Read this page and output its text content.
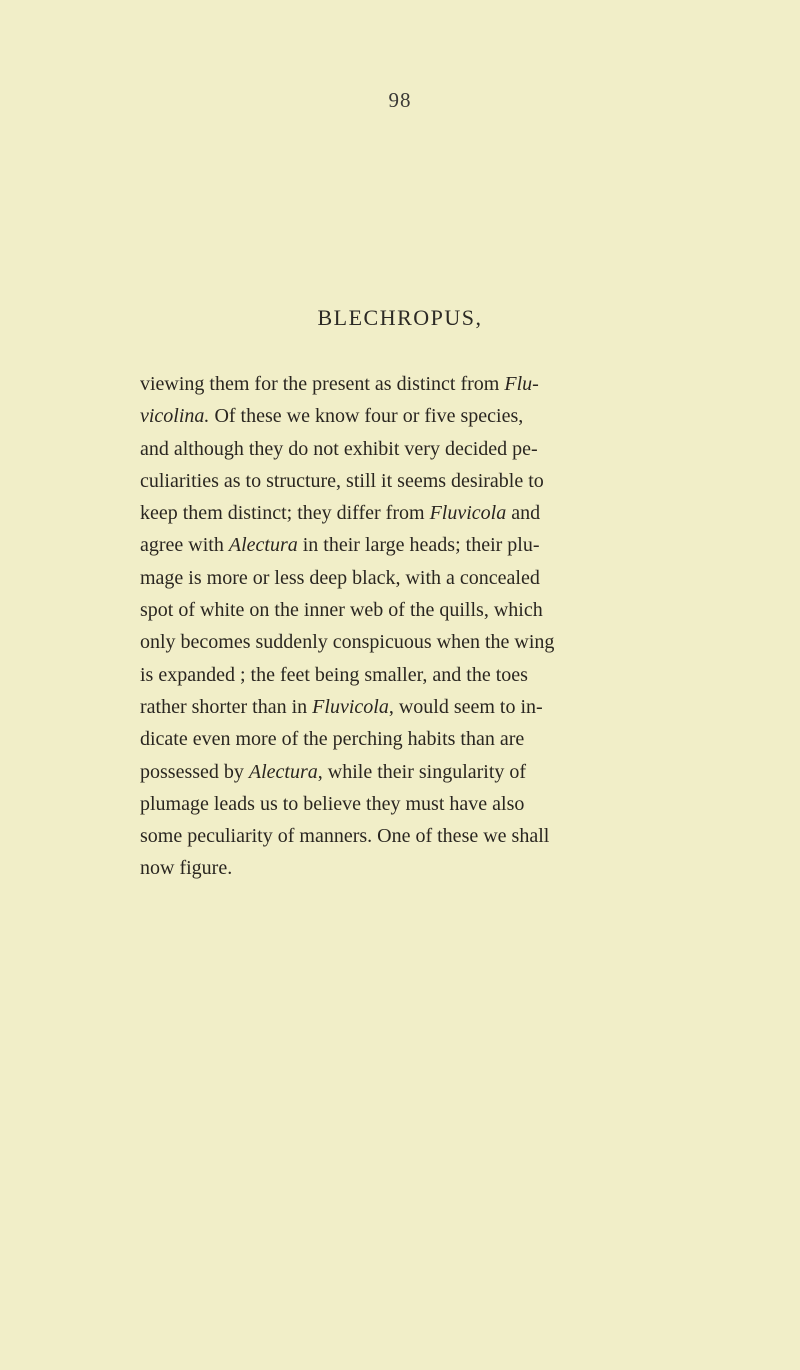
98
BLECHROPUS,
viewing them for the present as distinct from Flu-
vicolina. Of these we know four or five species,
and although they do not exhibit very decided pe-
culiarities as to structure, still it seems desirable to
keep them distinct; they differ from Fluvicola and
agree with Alectura in their large heads; their plu-
mage is more or less deep black, with a concealed
spot of white on the inner web of the quills, which
only becomes suddenly conspicuous when the wing
is expanded ; the feet being smaller, and the toes
rather shorter than in Fluvicola, would seem to in-
dicate even more of the perching habits than are
possessed by Alectura, while their singularity of
plumage leads us to believe they must have also
some peculiarity of manners. One of these we shall
now figure.
